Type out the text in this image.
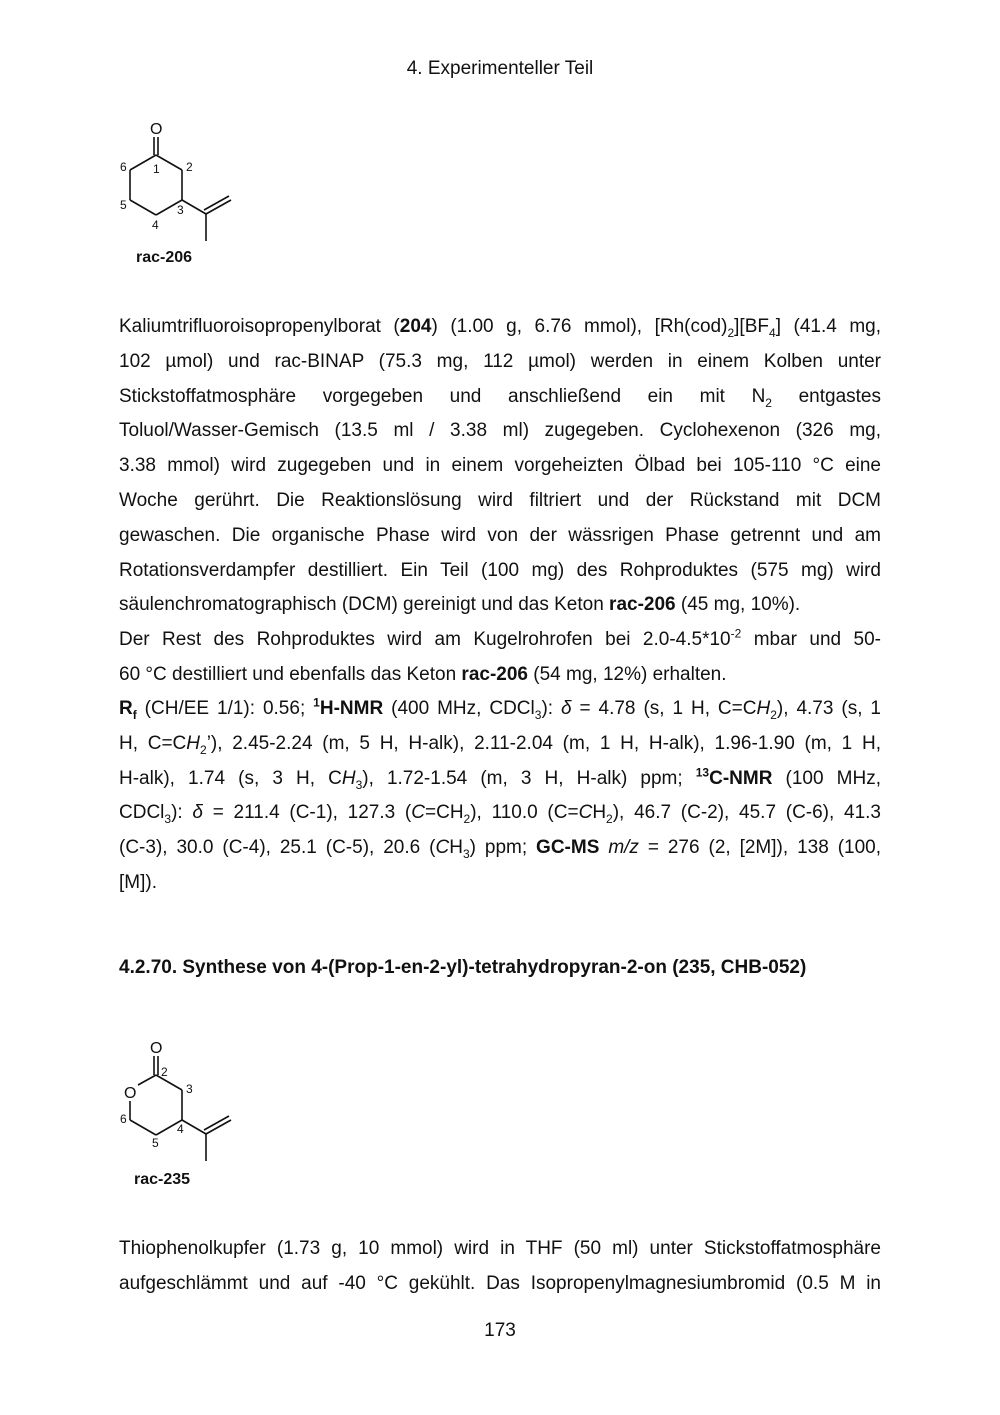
4. Experimenteller Teil
O
1 2
3
4
5
6
rac-206

Kaliumtrifluoroisopropenylborat (204) (1.00 g, 6.76 mmol), $[Rh(cod)_2][BF_4]$ (41.4 mg,
102 µmol) und rac-BINAP (75.3 mg, 112 µmol) werden in einem Kolben unter
Stickstoffatmosphäre vorgegeben und anschließend ein mit $N_2$ entgastes
Toluol/Wasser-Gemisch (13.5 ml / 3.38 ml) zugegeben. Cyclohexenon (326 mg,
3.38 mmol) wird zugegeben und in einem vorgeheizten Ölbad bei 105-110 °C eine
Woche gerührt. Die Reaktionslösung wird filtriert und der Rückstand mit DCM
gewaschen. Die organische Phase wird von der wässrigen Phase getrennt und am
Rotationsverdampfer destilliert. Ein Teil (100 mg) des Rohproduktes (575 mg) wird
säulenchromatographisch (DCM) gereinigt und das Keton rac-206 (45 mg, 10%).
Der Rest des Rohproduktes wird am Kugelrohrofen bei $2.0-4.5*10^{-2}$ mbar und 50-
60 °C destilliert und ebenfalls das Keton rac-206 (54 mg, 12%) erhalten.

$R_f$ (CH/EE 1/1): 0.56; $^1$H-NMR (400 MHz, CDCl$_3$): δ = 4.78 (s, 1 H, $C=CH_2$), 4.73 (s, 1
H, $C=CH_2$’), 2.45-2.24 (m, 5 H, H-alk), 2.11-2.04 (m, 1 H, H-alk), 1.96-1.90 (m, 1 H,
H-alk), 1.74 (s, 3 H, $CH_3$), 1.72-1.54 (m, 3 H, H-alk) ppm; $^{13}$C-NMR (100 MHz,
CDCl$_3$): δ = 211.4 (C-1), 127.3 $(C=CH_2)$, 110.0 $(C=CH_2)$, 46.7 (C-2), 45.7 (C-6), 41.3
(C-3), 30.0 (C-4), 25.1 (C-5), 20.6 $(CH_3)$ ppm; GC-MS m/z = 276 (2, [2M]), 138 (100,
[M]).

4.2.70. Synthese von 4-(Prop-1-en-2-yl)-tetrahydropyran-2-on (235, CHB-052)
O
O
2
3
4
5
6
rac-235

Thiophenolkupfer (1.73 g, 10 mmol) wird in THF (50 ml) unter Stickstoffatmosphäre
aufgeschlämmt und auf -40 °C gekühlt. Das Isopropenylmagnesiumbromid (0.5 M in

173
